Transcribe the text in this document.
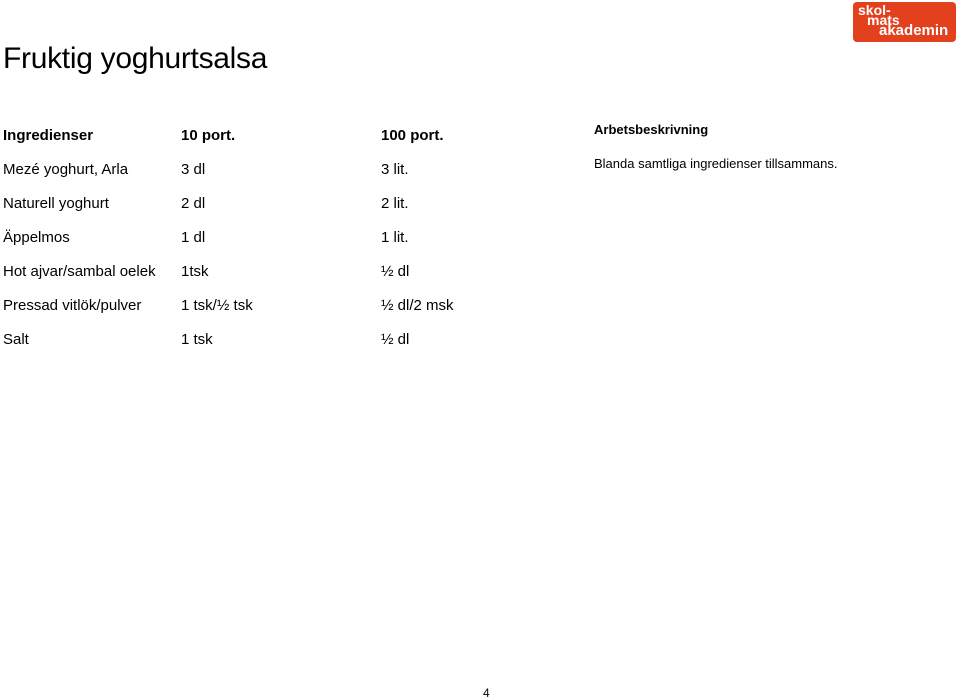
Fruktig yoghurtsalsa
skol-
mats
akademin
Ingredienser	10 port.	100 port.
Mezé yoghurt, Arla	3 dl	3 lit.
Naturell yoghurt	2 dl	2 lit.
Äppelmos	1 dl	1 lit.
Hot ajvar/sambal oelek	1tsk	½ dl
Pressad vitlök/pulver	1 tsk/½ tsk	½ dl/2 msk
Salt	1 tsk	½ dl
Arbetsbeskrivning
Blanda samtliga ingredienser tillsammans.
4
